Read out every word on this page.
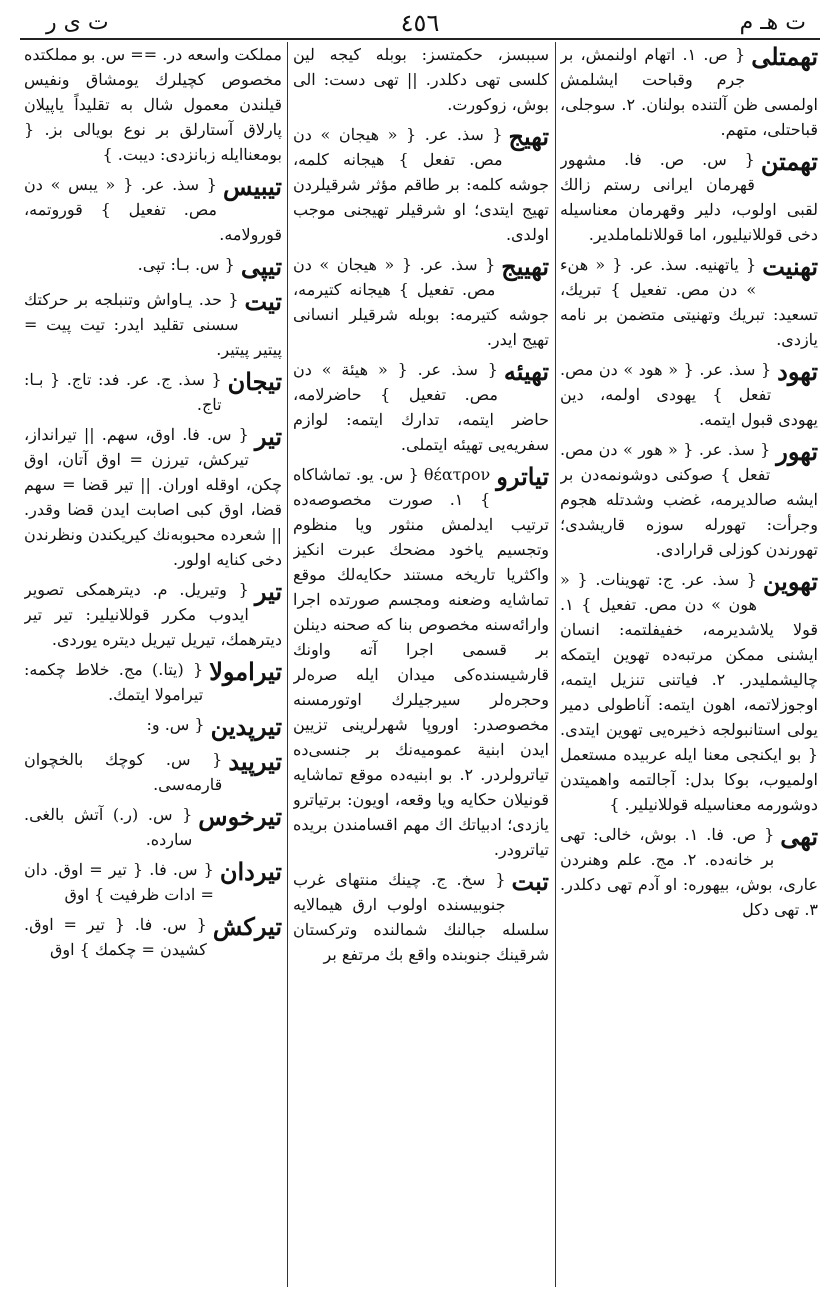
ت هـ م
٤٥٦
ت ى ر
تهمتلى
{ ص. ١. اتهام اولنمش، بر جرم وقباحت ايشلمش اولمسى ظن آلتنده بولنان. ٢. سوجلى، قباحتلى، متهم.
تهمتن
{ س. ص. فا. مشهور قهرمان ايرانى رستم زالك لقبى اولوب، دلير وقهرمان معناسيله دخى قوللانيليور، اما قوللانلماملدير.
تهنيت
{ ياتهنيه. سذ. عر. { « هنء » دن مص. تفعيل } تبريك، تسعيد: تبريك وتهنيتى متضمن بر نامه يازدى.
تهود
{ سذ. عر. { « هود » دن مص. تفعل } يهودى اولمه، دين يهودى قبول ايتمه.
تهور
{ سذ. عر. { « هور » دن مص. تفعل } صوكنى دوشونمه‌دن بر ايشه صالديرمه، غضب وشدتله هجوم وجرأت: تهورله سوزه قاريشدى؛ تهورندن كوزلى قرارادى.
تهوين
{ سذ. عر. ج: تهوينات. { « هون » دن مص. تفعيل } ١. قولا يلاشديرمه، خفيفلتمه: انسان ايشنى ممكن مرتبه‌ده تهوين ايتمكه چاليشمليدر. ٢. فياتنى تنزيل ايتمه، اوجوزلاتمه، اهون ايتمه: آناطولى دمير يولى استانبولجه ذخيره‌يى تهوين ايتدى. { بو ايكنجى معنا ايله عربيده مستعمل اولميوب، بوكا بدل: آجالتمه واهميتدن دوشورمه معناسيله قوللانيلير. }
تهى
{ ص. فا. ١. بوش، خالى: تهى بر خانه‌ده. ٢. مج. علم وهنردن عارى، بوش، بيهوره: او آدم تهى دكلدر. ٣. تهى دكل
سببسز، حكمتسز: بوبله كيجه‌ لين كلسى تهى دكلدر. || تهى دست: الى بوش، زوكورت.
تهيج
{ سذ. عر. { « هيجان » دن مص. تفعل } هيجانه كلمه، جوشه كلمه: بر طاقم مؤثر شرقيلردن تهيج ايتدى؛ او شرقيلر تهيجنى موجب اولدى.
تهييج
{ سذ. عر. { « هيجان » دن مص. تفعيل } هيجانه كتيرمه، جوشه كتيرمه: بوبله شرقيلر انسانى تهيج ايدر.
تهيئه
{ سذ. عر. { « هيئة » دن مص. تفعيل } حاضرلامه، حاضر ايتمه، تدارك ايتمه: لوازم سفريه‌يى تهيئه ايتملى.
تياترو
θέατρον { س. يو. تماشاكاه } ١. صورت مخصوصه‌ده ترتيب ايدلمش منثور ويا منظوم وتجسيم ياخود مضحك عبرت انكيز واكثريا تاريخه مستند حكايه‌لك موقع تماشايه وضعنه ومجسم صورتده اجرا وارائه‌سنه مخصوص بنا كه صحنه دينلن بر قسمى اجرا آته واونك قارشيسنده‌كى ميدان ايله صره‌لر وحجره‌لر سيرجيلرك اوتورمسنه مخصوصدر: اوروپا شهرلرينى تزيين ايدن ابنية عموميه‌نك بر جنسى‌ده تياترولردر. ٢. بو ابنيه‌ده موقع تماشايه قونيلان حكايه ويا وقعه، اويون: برتياترو يازدى؛ ادبياتك اك مهم اقسامندن بريده تياترودر.
تبت
{ سخ. ج. چينك منتهاى غرب جنوبيسنده اولوب ارق هيمالايه سلسله جبالنك شمالنده وتركستان شرقينك جنوبنده واقع بك مرتفع بر
مملكت واسعه در. == س. بو مملكتده مخصوص كچيلرك يومشاق ونفيس قيلندن معمول شال به تقليداً ياپيلان پارلاق آستارلق بر نوع بويالى بز. { بومعناايله زبانزدى: ديبت. }
تيبيس
{ سذ. عر. { « يبس » دن مص. تفعيل } قوروتمه، قورولامه.
تيپى
{ س. بـا: تپى.
تيت
{ حد. يـاواش وتنبلجه بر حركتك سسنى تقليد ايدر: تيت پيت = پيتير پيتير.
تيجان
{ سذ. ج. عر. فد: تاج. { بـا: تاج.
تير
{ س. فا. اوق، سهم. || تيرانداز، تيركش، تيرزن = اوق آتان، اوق چكن، اوقله اوران. || تير قضا = سهم قضا، اوق كبى اصابت ايدن قضا وقدر. || شعرده محبوبه‌نك كيريكندن ونظرندن دخى كنايه اولور.
تير
{ وتيريل. م. ديترهمكى تصوير ايدوب مكرر قوللانيلير: تير تير ديترهمك، تيريل تيريل ديتره يوردى.
تيرامولا
{ (يتا.) مج. خلاط چكمه: تيرامولا ايتمك.
تيرپدين
{ س. و:
تيرپيد
{ س. كوچك بالخچوان قارمه‌سى.
تيرخوس
{ س. (ر.) آتش بالغى. سارده.
تيردان
{ س. فا. { تير = اوق. دان = ادات ظرفيت } اوق
تيركش
{ س. فا. { تير = اوق. كشيدن = چكمك } اوق
